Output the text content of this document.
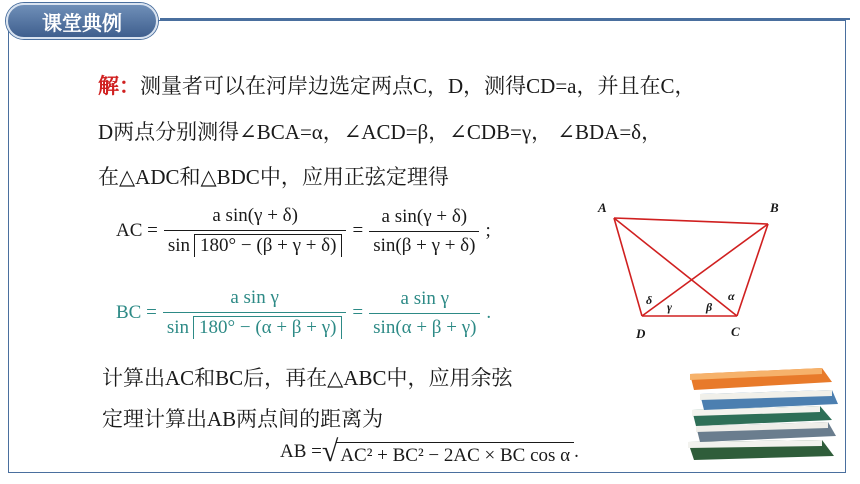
课堂典例
解：测量者可以在河岸边选定两点C，D，测得CD=a，并且在C，
D两点分别测得∠BCA=α，∠ACD=β，∠CDB=γ， ∠BDA=δ，
在△ADC和△BDC中，应用正弦定理得
AC = $\frac{\text{a sin(γ + δ)}}{\sin 180^\circ - (\beta + \gamma + \delta)} = \frac{\text{a sin(γ + δ)}}{\sin(\beta + \gamma + \delta)}$ ;
BC = $\frac{\text{a sin γ}}{\sin 180^\circ - (\alpha + \beta + \gamma)} = \frac{\text{a sin γ}}{\sin(\alpha + \beta + \gamma)}$ .
A	B
D	C
δ γ	β
α
计算出AC和BC后，再在△ABC中，应用余弦
定理计算出AB两点间的距离为
AB = √ AC² + BC² − 2AC × BC cos α .
